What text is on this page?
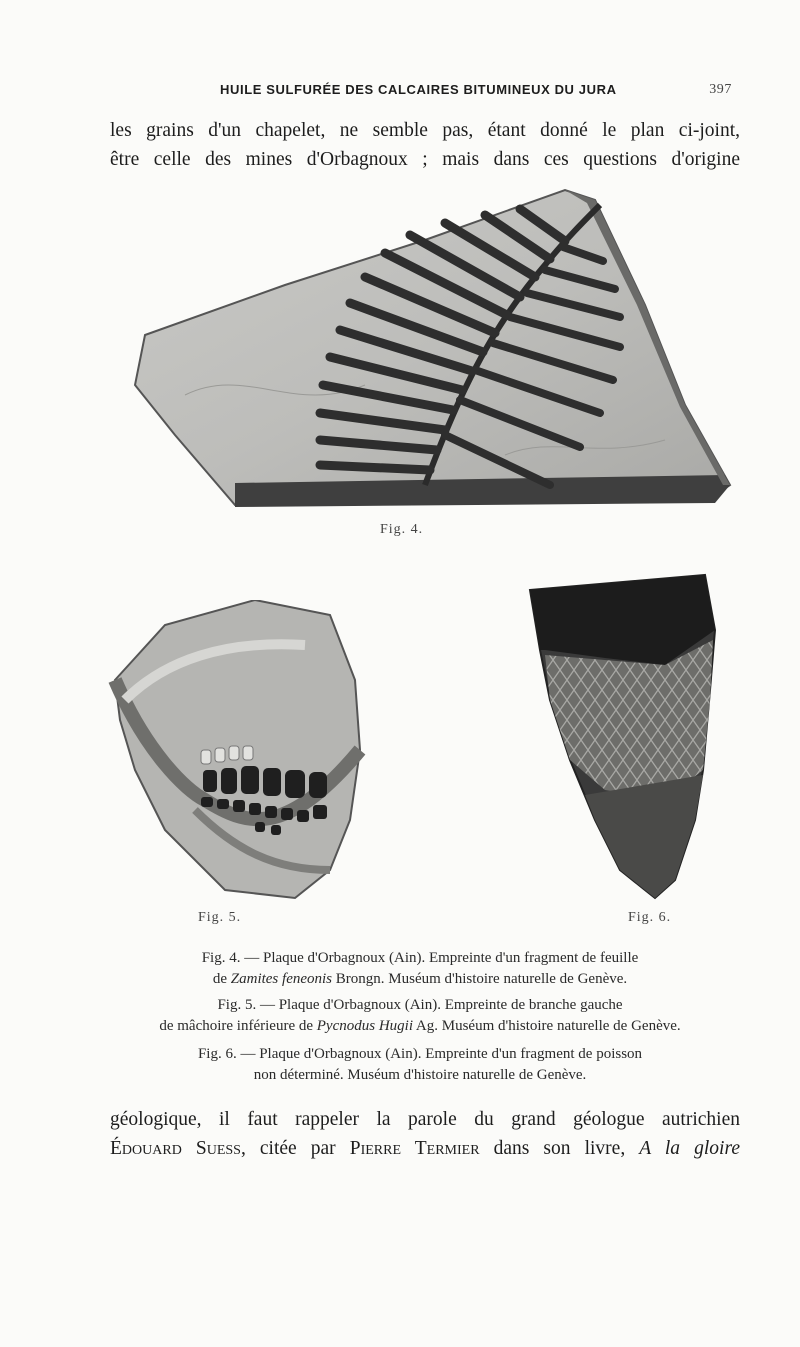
HUILE SULFURÉE DES CALCAIRES BITUMINEUX DU JURA	397
les grains d'un chapelet, ne semble pas, étant donné le plan ci-joint,
être celle des mines d'Orbagnoux ; mais dans ces questions d'origine
Fig. 4.
Fig. 5.	Fig. 6.
Fig. 4. — Plaque d'Orbagnoux (Ain). Empreinte d'un fragment de feuille
de Zamites feneonis Brongn. Muséum d'histoire naturelle de Genève.
Fig. 5. — Plaque d'Orbagnoux (Ain). Empreinte de branche gauche
de mâchoire inférieure de Pycnodus Hugii Ag. Muséum d'histoire naturelle de Genève.
Fig. 6. — Plaque d'Orbagnoux (Ain). Empreinte d'un fragment de poisson
non déterminé. Muséum d'histoire naturelle de Genève.
géologique, il faut rappeler la parole du grand géologue autrichien
Édouard Suess, citée par Pierre Termier dans son livre, A la gloire
